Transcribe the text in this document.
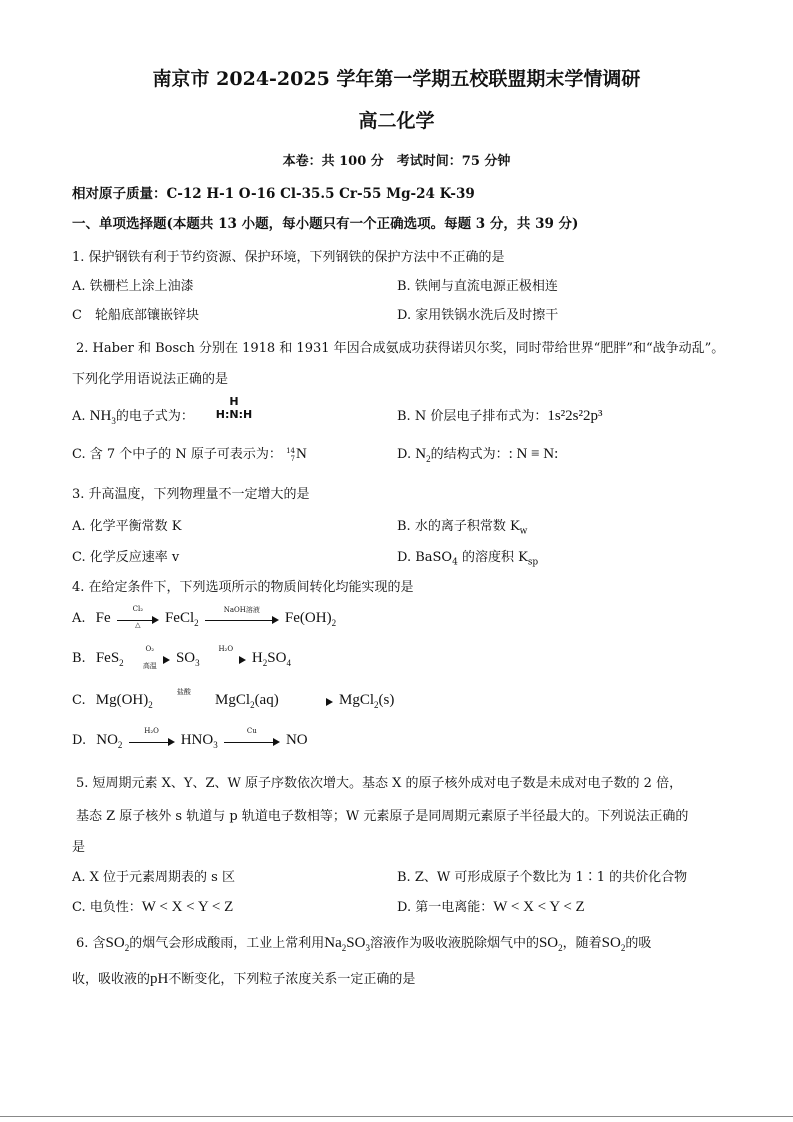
南京市 2024-2025 学年第一学期五校联盟期末学情调研
高二化学
本卷：共 100 分　考试时间：75 分钟
相对原子质量：C-12 H-1 O-16 Cl-35.5 Cr-55 Mg-24 K-39
一、单项选择题(本题共 13 小题，每小题只有一个正确选项。每题 3 分，共 39 分)
1. 保护钢铁有利于节约资源、保护环境，下列钢铁的保护方法中不正确的是
A. 铁栅栏上涂上油漆	B. 铁闸与直流电源正极相连
C　轮船底部镶嵌锌块	D. 家用铁锅水洗后及时擦干
2. Haber 和 Bosch 分别在 1918 和 1931 年因合成氨成功获得诺贝尔奖，同时带给世界“肥胖”和“战争动乱”。
下列化学用语说法正确的是
A. $NH_3$的电子式为：
H
H:N:H	B. N 价层电子排布式为：1s²2s²2p³
C. 含 7 个中子的 N 原子可表示为： 14
7 N	D. $N_2$的结构式为：: N ≡ N:
3. 升高温度，下列物理量不一定增大的是
A. 化学平衡常数 K	B. 水的离子积常数 $K_w$
C. 化学反应速率 v	D. BaSO$_4$ 的溶度积 $K_{sp}$
4. 在给定条件下，下列选项所示的物质间转化均能实现的是
A. Fe
Cl₂
△	FeCl$_2$
NaOH溶液
$Fe(OH)_2$
B. FeS$_2$
O₂
高温	$SO_3$
H₂O
$H_2SO_4$
C. $Mg(OH)_2$
盐酸
MgCl$_2$(aq)	MgCl$_2$(s)
D. $NO_2$
H₂O
$HNO_3$
Cu
NO
5. 短周期元素 X、Y、Z、W 原子序数依次增大。基态 X 的原子核外成对电子数是未成对电子数的 2 倍，
基态 Z 原子核外 s 轨道与 p 轨道电子数相等；W 元素原子是同周期元素原子半径最大的。下列说法正确的
是
A. X 位于元素周期表的 s 区	B. Z、W 可形成原子个数比为 1∶1 的共价化合物
C. 电负性：W < X < Y < Z	D. 第一电离能：W < X < Y < Z
6. 含$SO_2$的烟气会形成酸雨，工业上常利用$Na_2SO_3$溶液作为吸收液脱除烟气中的$SO_2$，随着$SO_2$的吸
收，吸收液的pH不断变化，下列粒子浓度关系一定正确的是
